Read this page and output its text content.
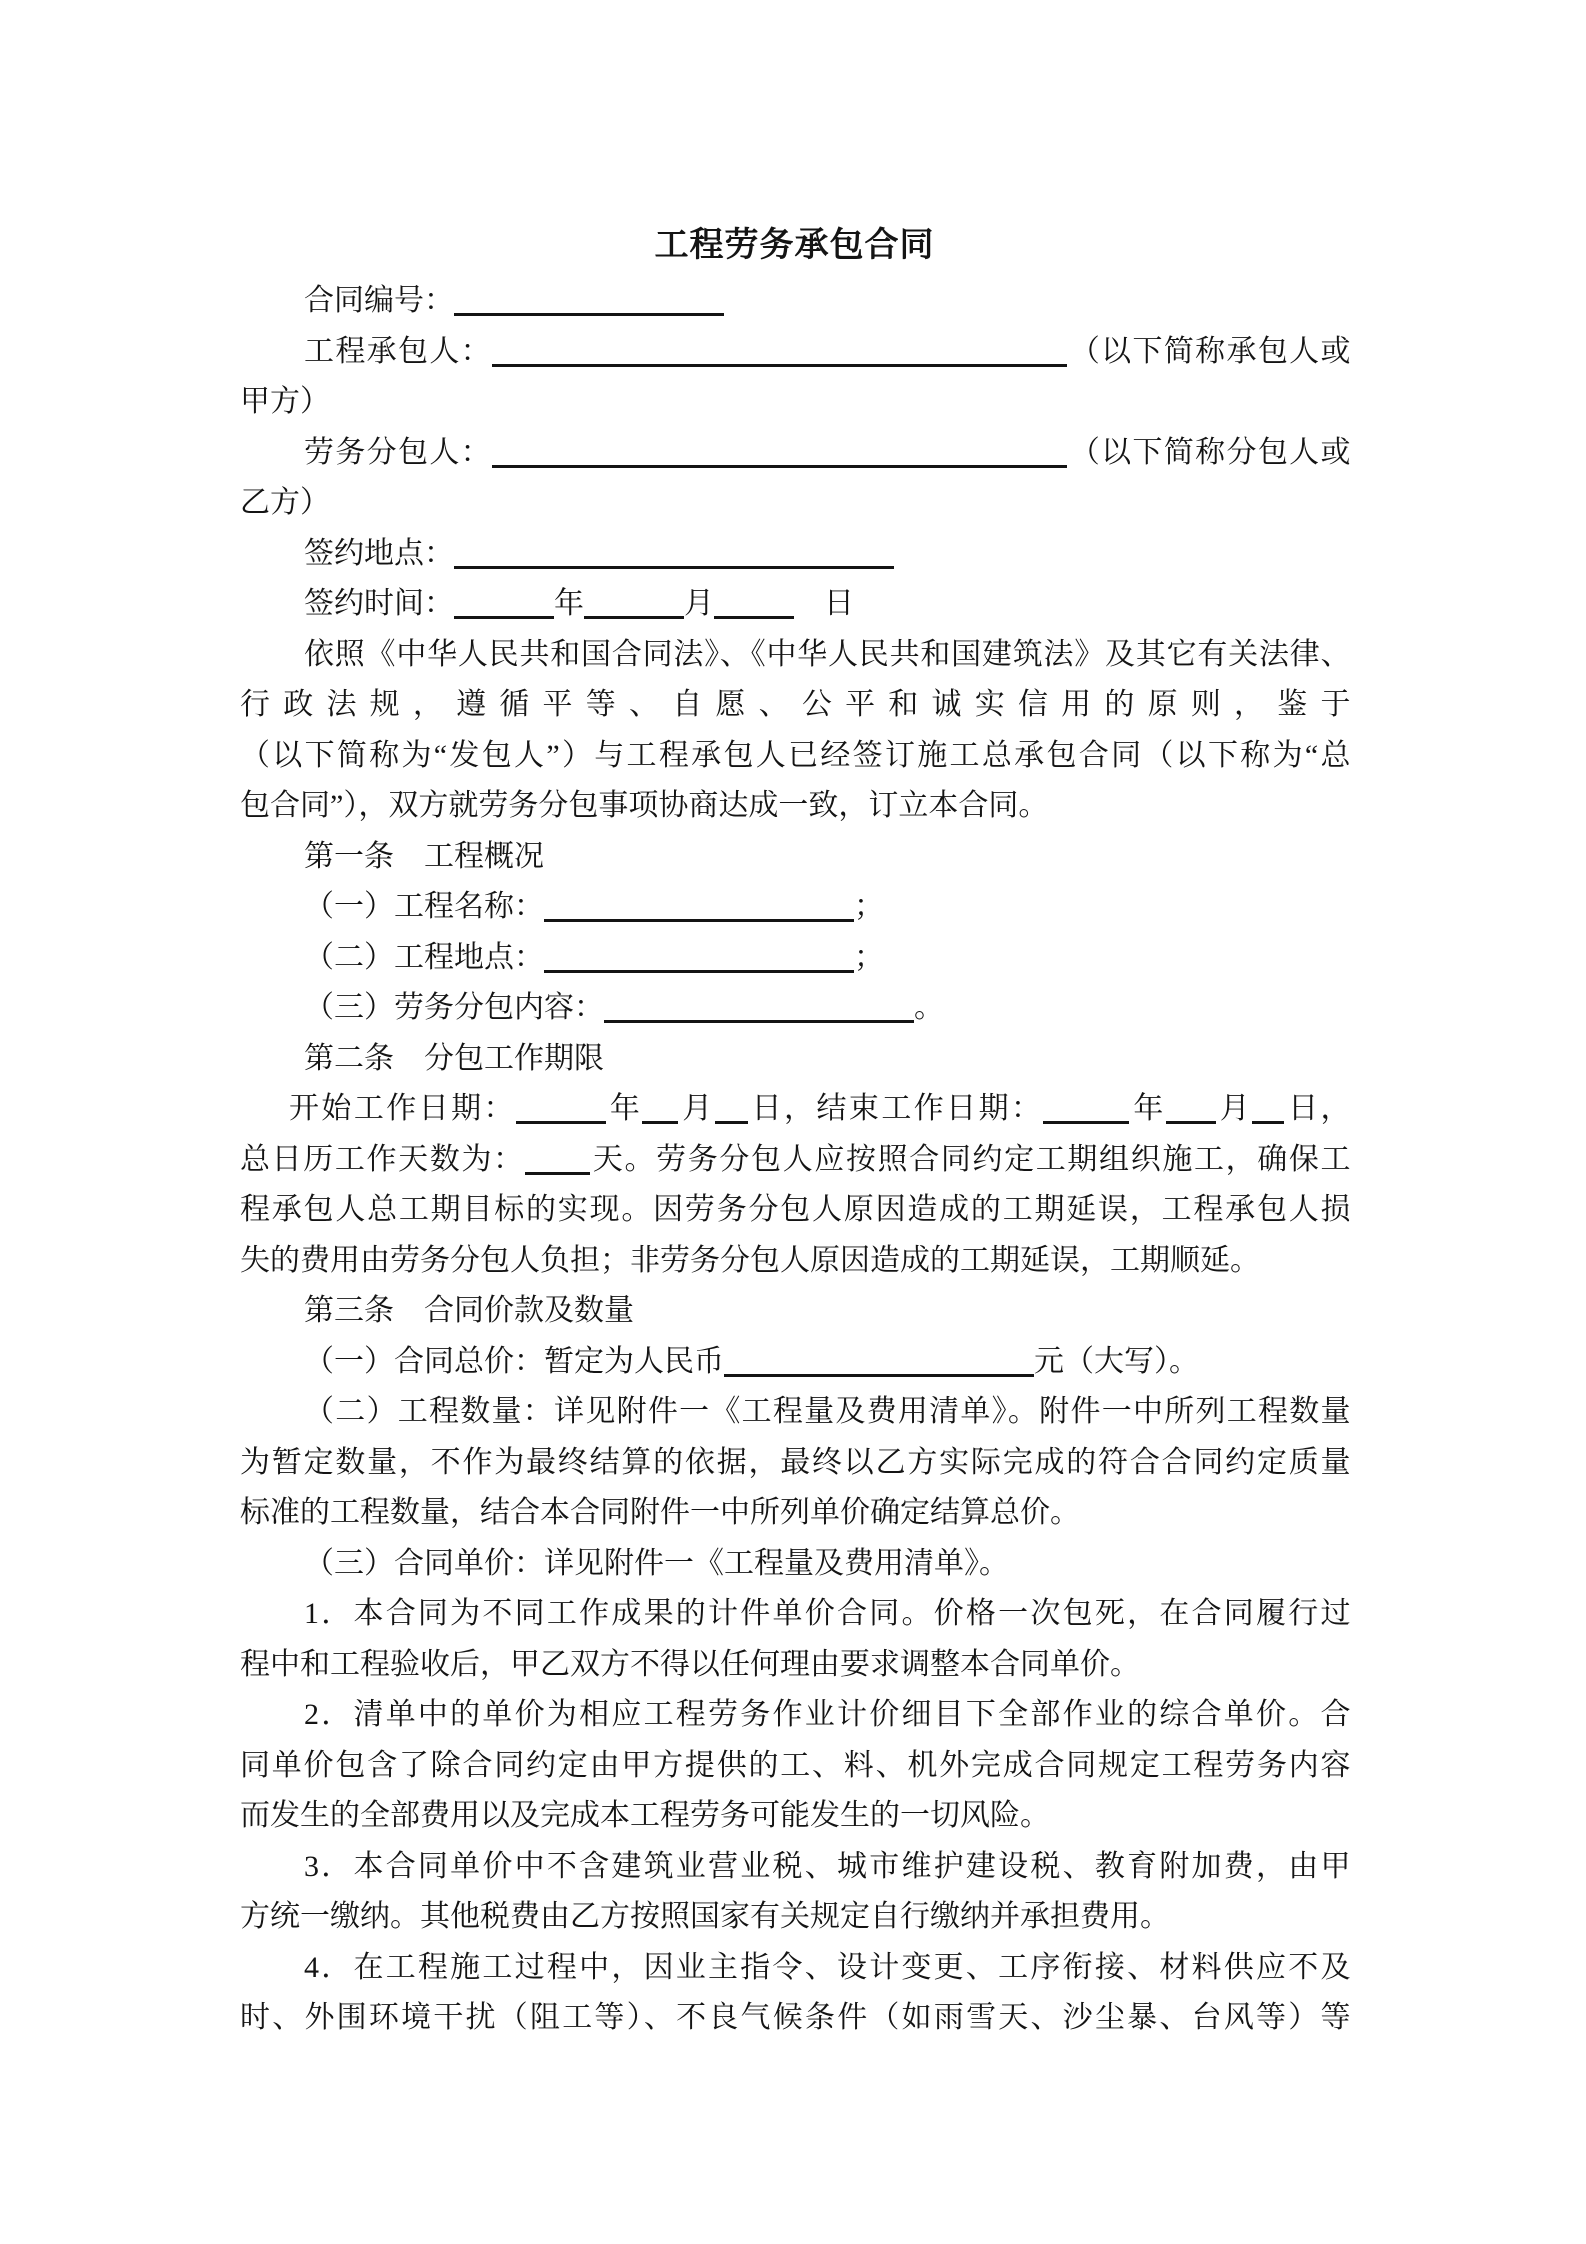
工程劳务承包合同
合同编号：
工程承包人：	（以下简称承包人或
甲方）
劳务分包人：	（以下简称分包人或
乙方）
签约地点：
签约时间：	年	月	　日
依照《中华人民共和国合同法》、《中华人民共和国建筑法》及其它有关法律、
行政法规，遵循平等、自愿、公平和诚实信用的原则，鉴于
（以下简称为“发包人”）与工程承包人已经签订施工总承包合同（以下称为“总
包合同”），双方就劳务分包事项协商达成一致，订立本合同。
第一条　工程概况
（一）工程名称：	；
（二）工程地点：	；
（三）劳务分包内容：	。
第二条　分包工作期限
开始工作日期：	年 月 日，结束工作日期：	年 月 日，
总日历工作天数为： 天。劳务分包人应按照合同约定工期组织施工，确保工
程承包人总工期目标的实现。因劳务分包人原因造成的工期延误，工程承包人损
失的费用由劳务分包人负担；非劳务分包人原因造成的工期延误，工期顺延。
第三条　合同价款及数量
（一）合同总价：暂定为人民币	元（大写）。
（二）工程数量：详见附件一《工程量及费用清单》。附件一中所列工程数量
为暂定数量，不作为最终结算的依据，最终以乙方实际完成的符合合同约定质量
标准的工程数量，结合本合同附件一中所列单价确定结算总价。
（三）合同单价：详见附件一《工程量及费用清单》。
1．本合同为不同工作成果的计件单价合同。价格一次包死，在合同履行过
程中和工程验收后，甲乙双方不得以任何理由要求调整本合同单价。
2．清单中的单价为相应工程劳务作业计价细目下全部作业的综合单价。合
同单价包含了除合同约定由甲方提供的工、料、机外完成合同规定工程劳务内容
而发生的全部费用以及完成本工程劳务可能发生的一切风险。
3．本合同单价中不含建筑业营业税、城市维护建设税、教育附加费，由甲
方统一缴纳。其他税费由乙方按照国家有关规定自行缴纳并承担费用。
4．在工程施工过程中，因业主指令、设计变更、工序衔接、材料供应不及
时、外围环境干扰（阻工等）、不良气候条件（如雨雪天、沙尘暴、台风等）等
